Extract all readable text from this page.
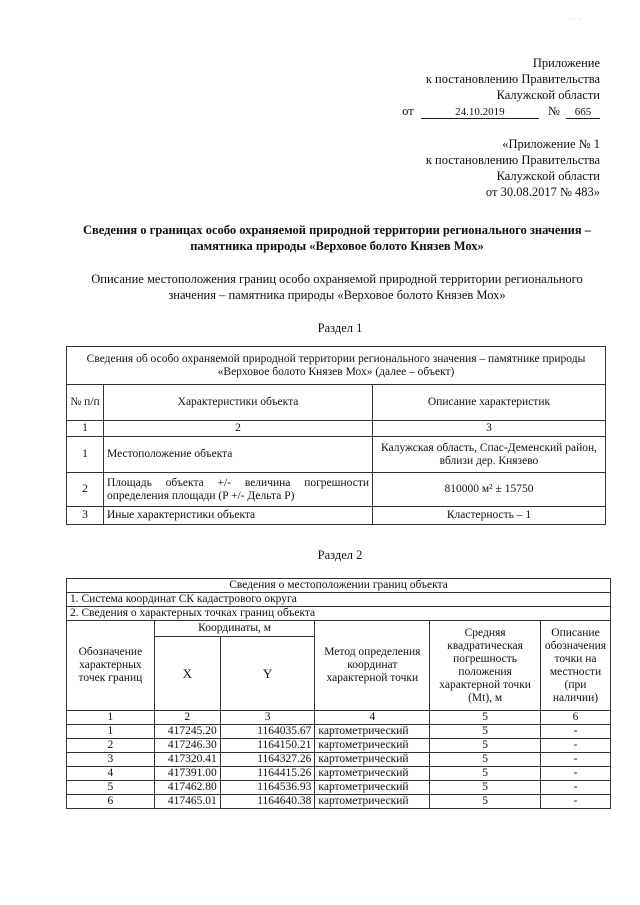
· · ·
Приложение
к постановлению Правительства
Калужской области
от	24.10.2019	№ 665
«Приложение № 1
к постановлению Правительства
Калужской области
от 30.08.2017 № 483»
Сведения о границах особо охраняемой природной территории регионального значения – памятника природы «Верховое болото Князев Мох»
Описание местоположения границ особо охраняемой природной территории регионального значения – памятника природы «Верховое болото Князев Мох»
Раздел 1
Сведения об особо охраняемой природной территории регионального значения – памятнике природы «Верховое болото Князев Мох» (далее – объект)		
№ п/п	Характеристики объекта	Описание характеристик
1	2	3
1	Местоположение объекта	Калужская область, Спас-Деменский район, вблизи дер. Князево
2	Площадь объекта +/- величина погрешности определения площади (P +/- Дельта P)	810000 м² ± 15750
3	Иные характеристики объекта	Кластерность – 1
Раздел 2
Сведения о местоположении границ объекта					
1. Система координат СК кадастрового округа					
2. Сведения о характерных точках границ объекта					
Обозначение характерных точек границ	Координаты, м		Метод определения координат характерной точки	Средняя квадратическая погрешность положения характерной точки (Mt), м	Описание обозначения точки на местности (при наличии)
	X	Y			
1	2	3	4	5	6
1	417245.20	1164035.67	картометрический	5	-
2	417246.30	1164150.21	картометрический	5	-
3	417320.41	1164327.26	картометрический	5	-
4	417391.00	1164415.26	картометрический	5	-
5	417462.80	1164536.93	картометрический	5	-
6	417465.01	1164640.38	картометрический	5	-
